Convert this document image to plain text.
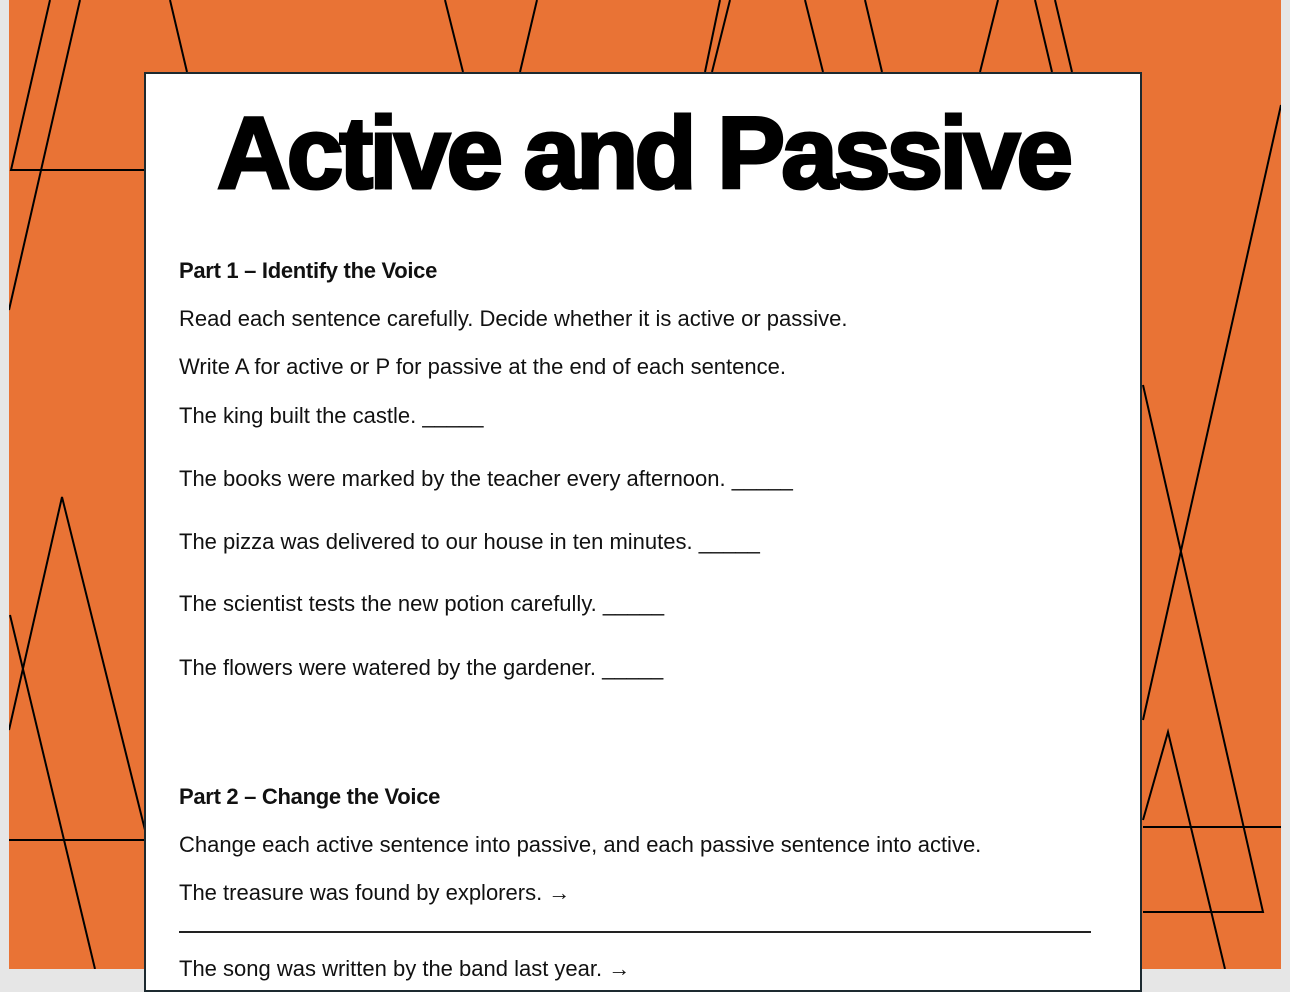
Active and Passive
Part 1 – Identify the Voice
Read each sentence carefully. Decide whether it is active or passive.
Write A for active or P for passive at the end of each sentence.
The king built the castle. _____
The books were marked by the teacher every afternoon. _____
The pizza was delivered to our house in ten minutes. _____
The scientist tests the new potion carefully. _____
The flowers were watered by the gardener. _____
Part 2 – Change the Voice
Change each active sentence into passive, and each passive sentence into active.
The treasure was found by explorers. →
The song was written by the band last year. →
